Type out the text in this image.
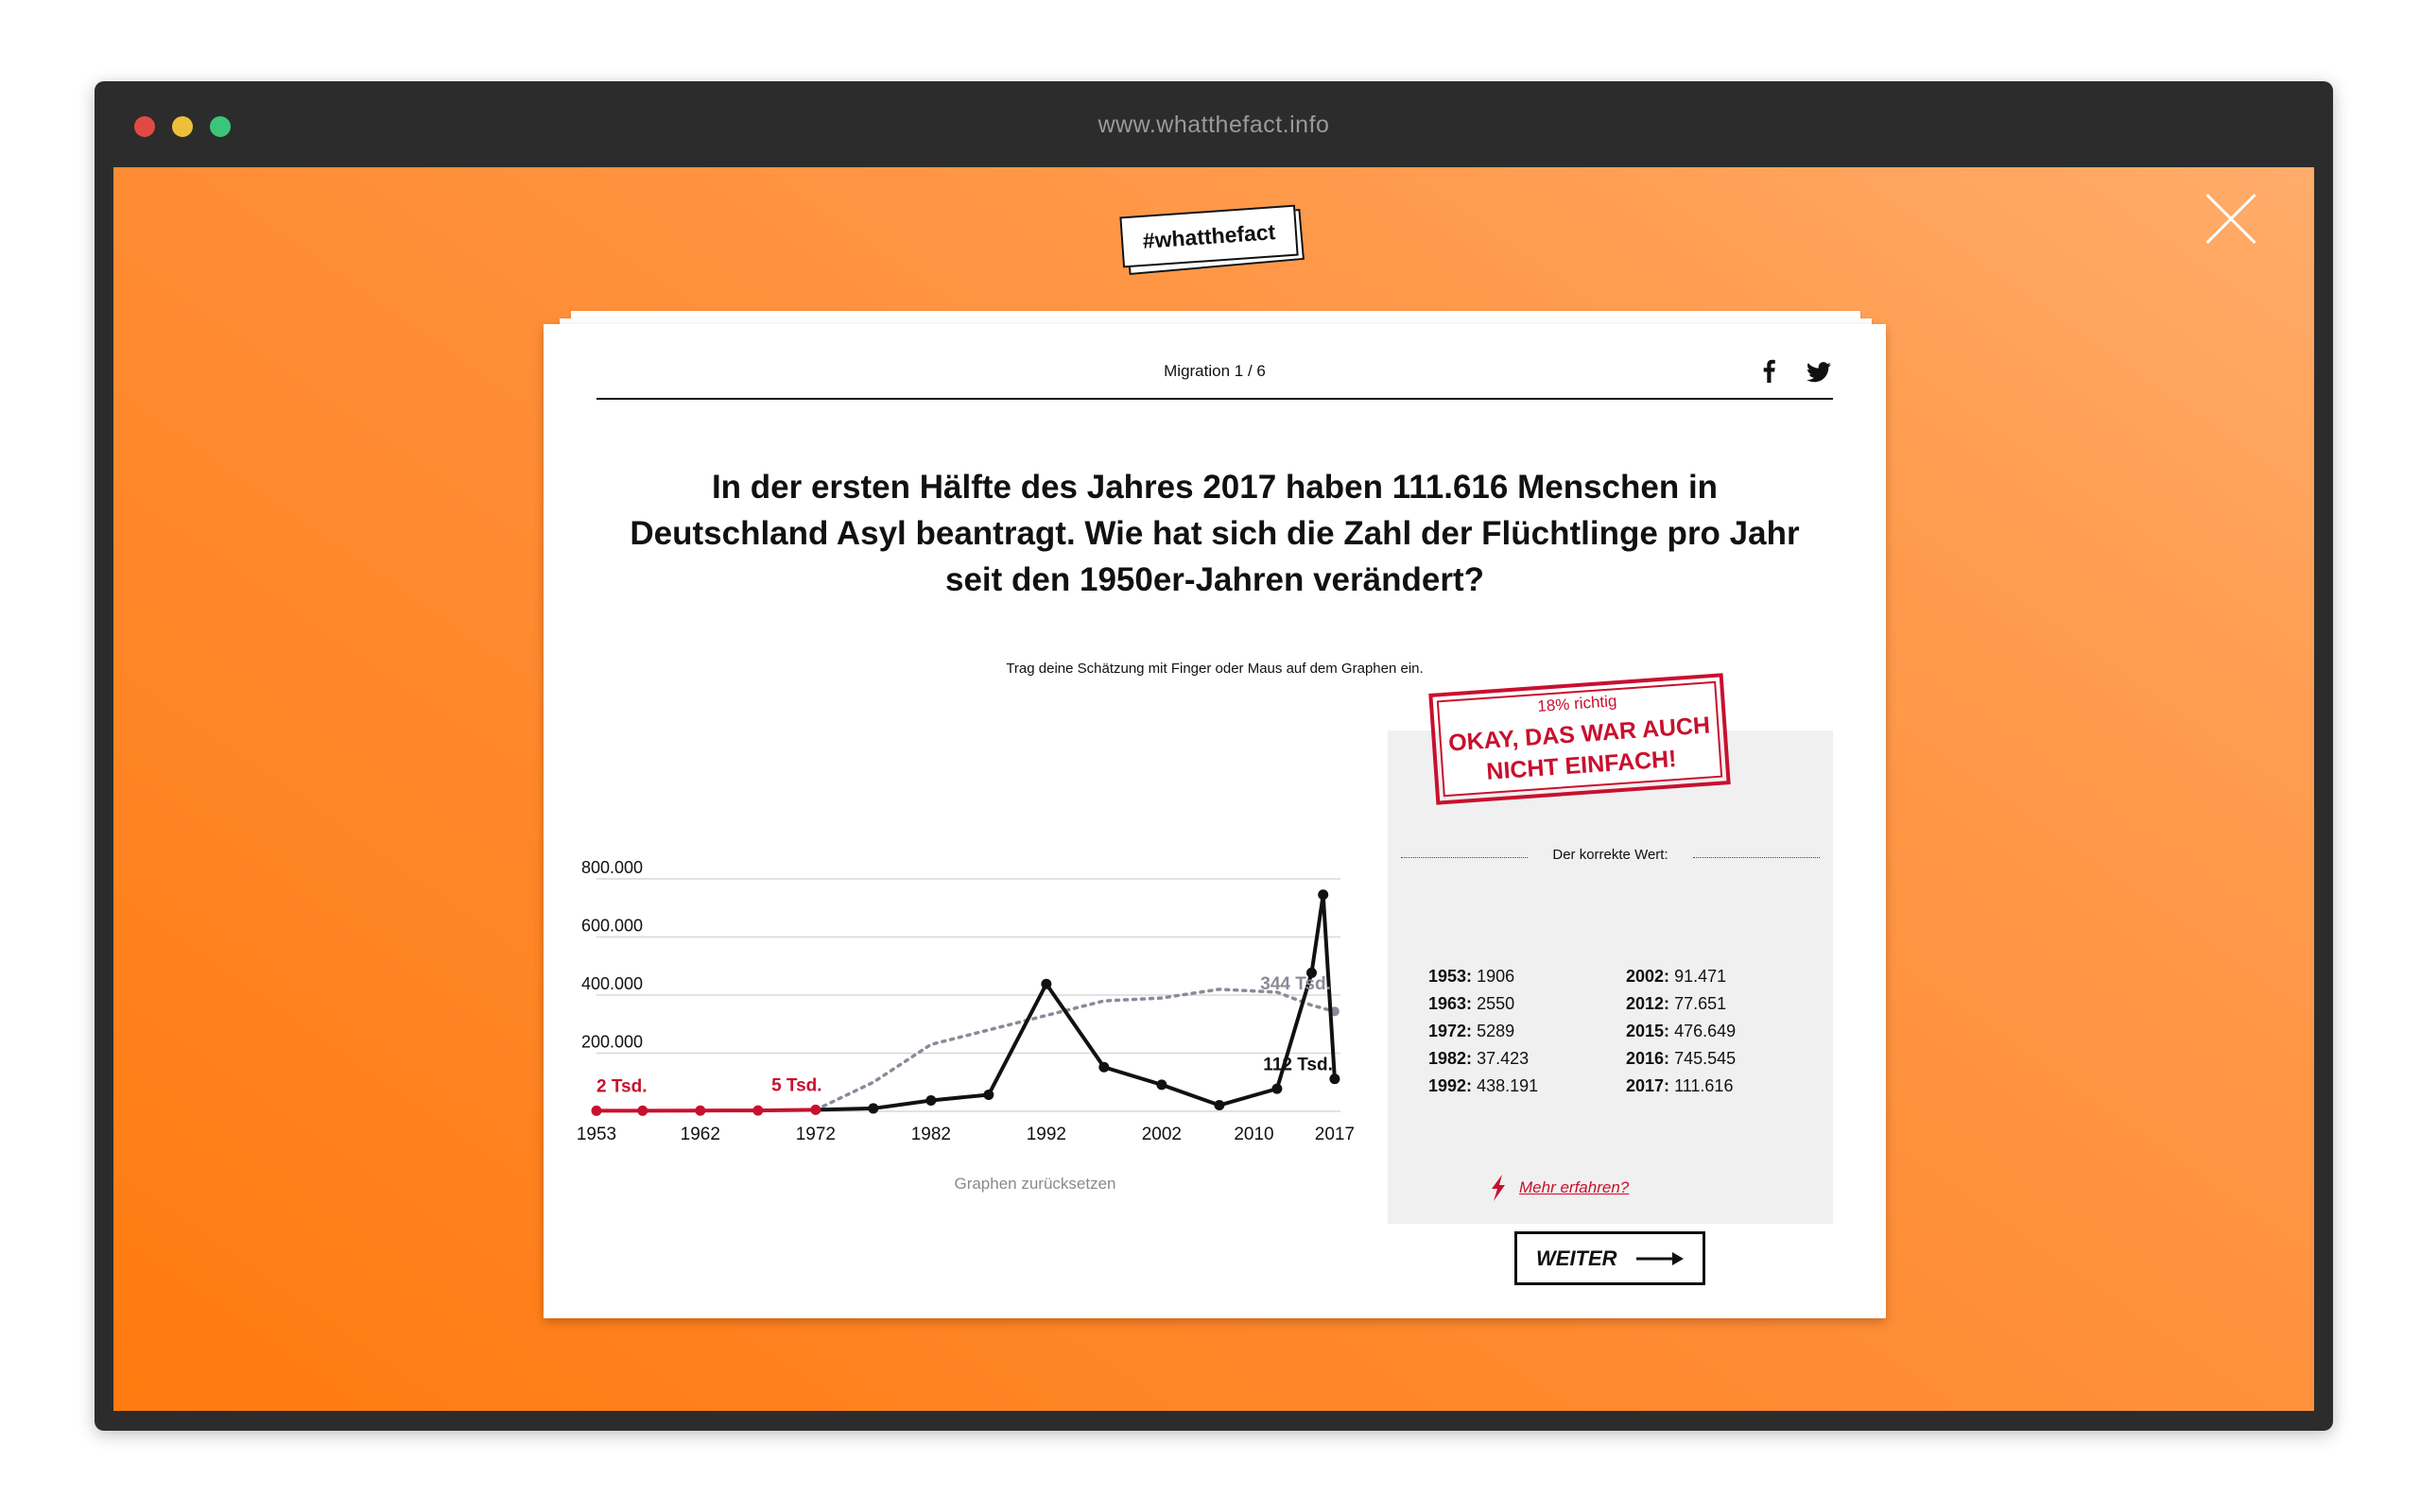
www.whatthefact.info
#whatthefact
Migration 1 / 6
In der ersten Hälfte des Jahres 2017 haben 111.616 Menschen in Deutschland Asyl beantragt. Wie hat sich die Zahl der Flüchtlinge pro Jahr seit den 1950er-Jahren verändert?
Trag deine Schätzung mit Finger oder Maus auf dem Graphen ein.
200.000
400.000
600.000
800.000
1953	1962	1972	1982	1992	2002	2010 2017
2 Tsd.	5 Tsd.
112 Tsd.
344 Tsd.
Graphen zurücksetzen
18% richtig
OKAY, DAS WAR AUCH
NICHT EINFACH!
Der korrekte Wert:
1953: 1906
1963: 2550
1972: 5289
1982: 37.423
1992: 438.191
2002: 91.471
2012: 77.651
2015: 476.649
2016: 745.545
2017: 111.616
Mehr erfahren?
WEITER
